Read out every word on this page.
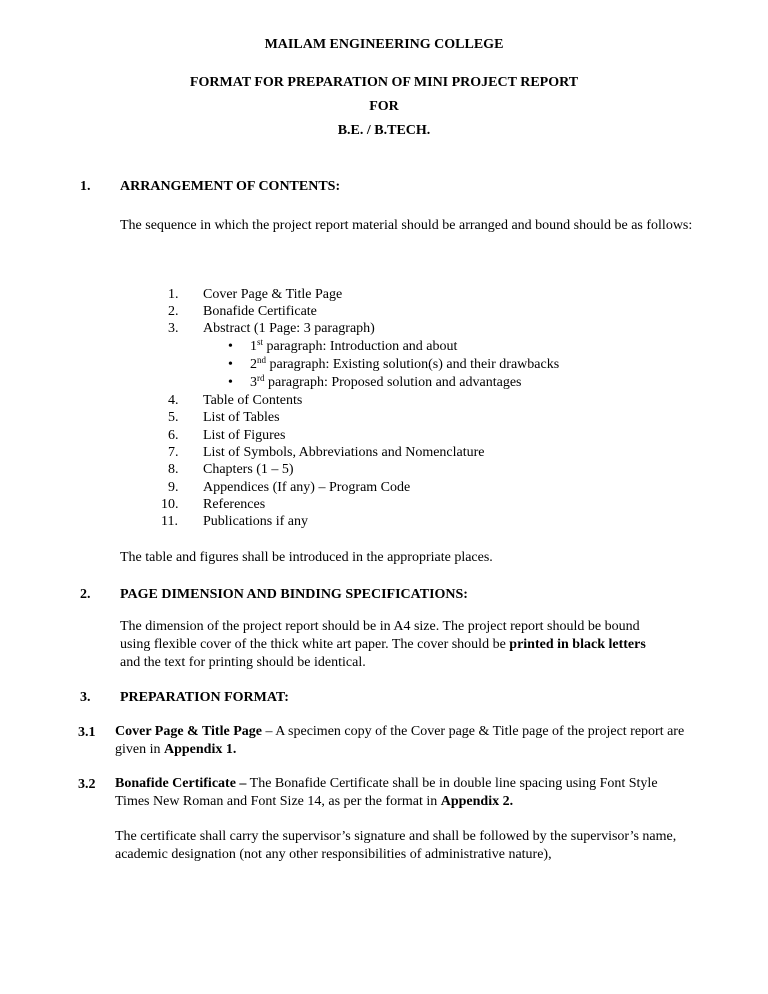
MAILAM ENGINEERING COLLEGE
FORMAT FOR PREPARATION OF MINI PROJECT REPORT
FOR
B.E. / B.TECH.
1. ARRANGEMENT OF CONTENTS:
The sequence in which the project report material should be arranged and bound should be as follows:
1. Cover Page & Title Page
2. Bonafide Certificate
3. Abstract (1 Page: 3 paragraph)
• 1st paragraph: Introduction and about
• 2nd paragraph: Existing solution(s) and their drawbacks
• 3rd paragraph: Proposed solution and advantages
4. Table of Contents
5. List of Tables
6. List of Figures
7. List of Symbols, Abbreviations and Nomenclature
8. Chapters (1 – 5)
9. Appendices (If any) – Program Code
10. References
11. Publications if any
The table and figures shall be introduced in the appropriate places.
2. PAGE DIMENSION AND BINDING SPECIFICATIONS:
The dimension of the project report should be in A4 size. The project report should be bound using flexible cover of the thick white art paper. The cover should be printed in black letters and the text for printing should be identical.
3. PREPARATION FORMAT:
3.1 Cover Page & Title Page – A specimen copy of the Cover page & Title page of the project report are given in Appendix 1.
3.2 Bonafide Certificate – The Bonafide Certificate shall be in double line spacing using Font Style Times New Roman and Font Size 14, as per the format in Appendix 2.
The certificate shall carry the supervisor’s signature and shall be followed by the supervisor’s name, academic designation (not any other responsibilities of administrative nature),
